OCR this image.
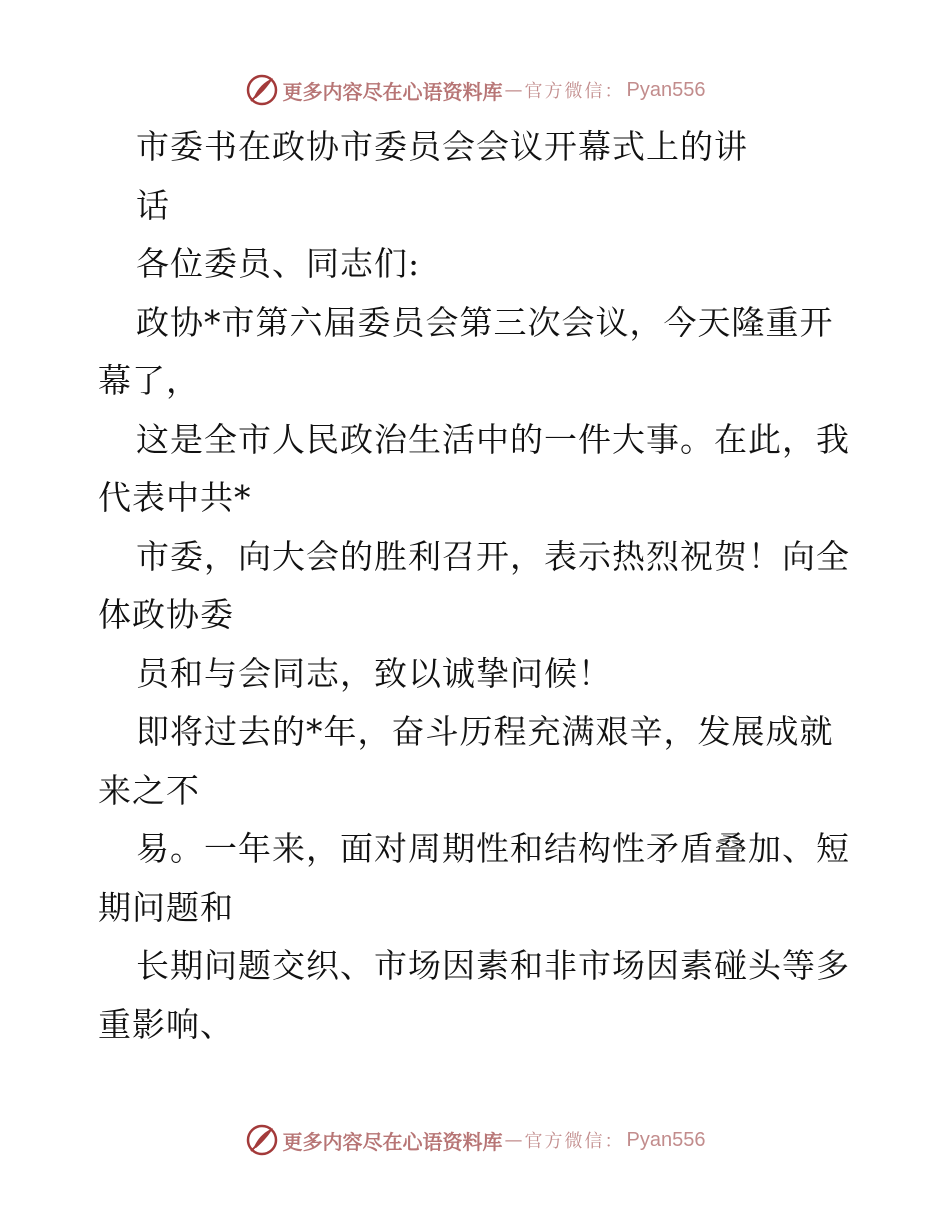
更多内容尽在心语资料库 — 官方微信： Pyan556
市委书在政协市委员会会议开幕式上的讲
话
各位委员、同志们:
政协*市第六届委员会第三次会议，今天隆重开
幕了，
这是全市人民政治生活中的一件大事。在此，我
代表中共*
市委，向大会的胜利召开，表示热烈祝贺！向全
体政协委
员和与会同志，致以诚挚问候！
即将过去的*年，奋斗历程充满艰辛，发展成就
来之不
易。一年来，面对周期性和结构性矛盾叠加、短
期问题和
长期问题交织、市场因素和非市场因素碰头等多
重影响、
更多内容尽在心语资料库 — 官方微信： Pyan556
